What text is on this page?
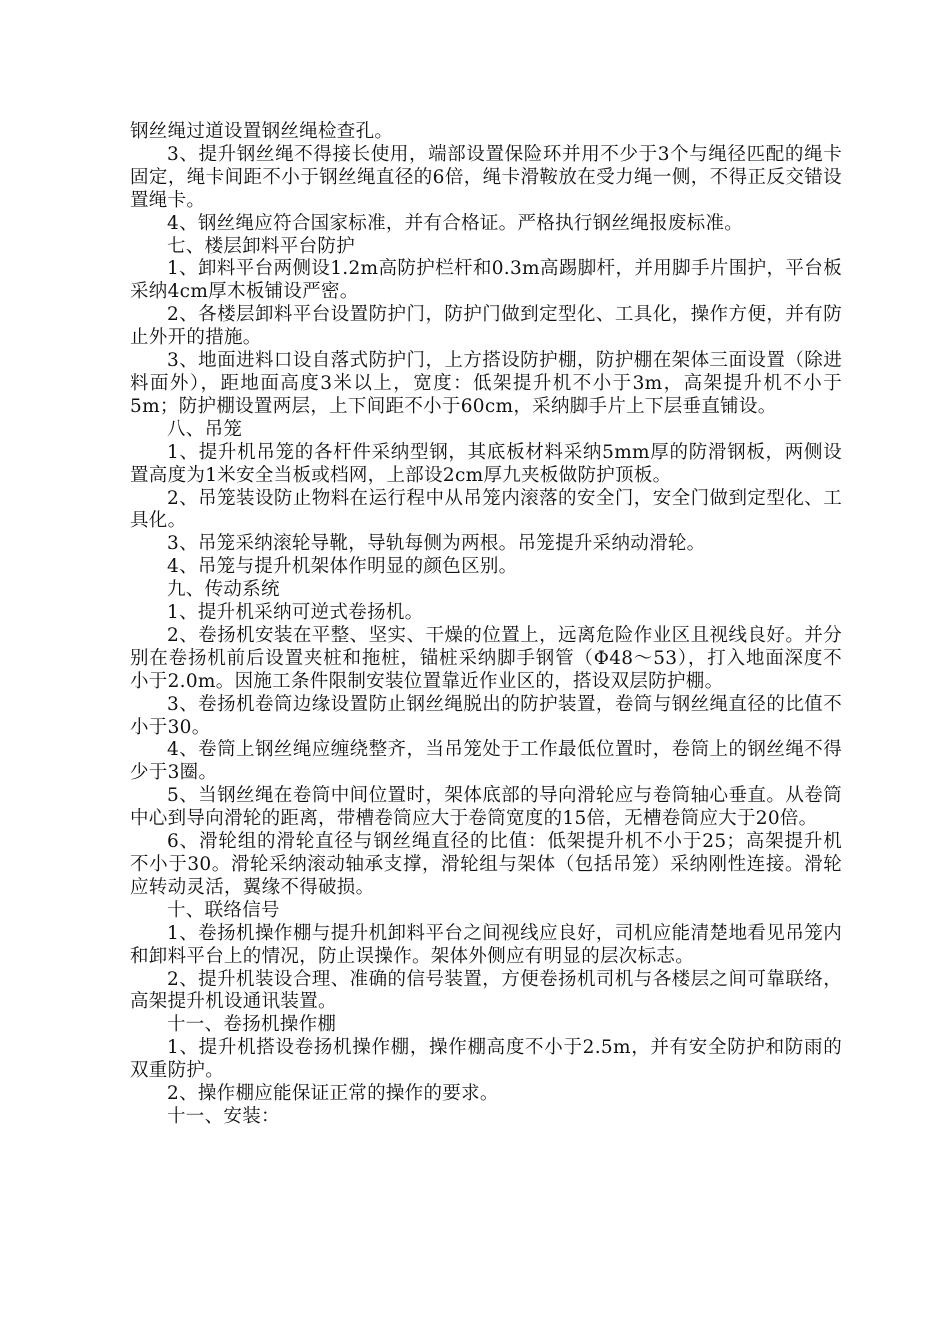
钢丝绳过道设置钢丝绳检查孔。

3、提升钢丝绳不得接长使用，端部设置保险环并用不少于3个与绳径匹配的绳卡固定，绳卡间距不小于钢丝绳直径的6倍，绳卡滑鞍放在受力绳一侧，不得正反交错设置绳卡。

4、钢丝绳应符合国家标准，并有合格证。严格执行钢丝绳报废标准。

七、楼层卸料平台防护

1、卸料平台两侧设1.2m高防护栏杆和0.3m高踢脚杆，并用脚手片围护，平台板采纳4cm厚木板铺设严密。

2、各楼层卸料平台设置防护门，防护门做到定型化、工具化，操作方便，并有防止外开的措施。

3、地面进料口设自落式防护门，上方搭设防护棚，防护棚在架体三面设置（除进料面外），距地面高度3米以上，宽度：低架提升机不小于3m，高架提升机不小于5m；防护棚设置两层，上下间距不小于60cm，采纳脚手片上下层垂直铺设。

八、吊笼

1、提升机吊笼的各杆件采纳型钢，其底板材料采纳5mm厚的防滑钢板，两侧设置高度为1米安全当板或档网，上部设2cm厚九夹板做防护顶板。

2、吊笼装设防止物料在运行程中从吊笼内滚落的安全门，安全门做到定型化、工具化。

3、吊笼采纳滚轮导靴，导轨每侧为两根。吊笼提升采纳动滑轮。

4、吊笼与提升机架体作明显的颜色区别。

九、传动系统

1、提升机采纳可逆式卷扬机。

2、卷扬机安装在平整、坚实、干燥的位置上，远离危险作业区且视线良好。并分别在卷扬机前后设置夹桩和拖桩，锚桩采纳脚手钢管（Φ48～53），打入地面深度不小于2.0m。因施工条件限制安装位置靠近作业区的，搭设双层防护棚。

3、卷扬机卷筒边缘设置防止钢丝绳脱出的防护装置，卷筒与钢丝绳直径的比值不小于30。

4、卷筒上钢丝绳应缠绕整齐，当吊笼处于工作最低位置时，卷筒上的钢丝绳不得少于3圈。

5、当钢丝绳在卷筒中间位置时，架体底部的导向滑轮应与卷筒轴心垂直。从卷筒中心到导向滑轮的距离，带槽卷筒应大于卷筒宽度的15倍，无槽卷筒应大于20倍。

6、滑轮组的滑轮直径与钢丝绳直径的比值：低架提升机不小于25；高架提升机不小于30。滑轮采纳滚动轴承支撑，滑轮组与架体（包括吊笼）采纳刚性连接。滑轮应转动灵活，翼缘不得破损。

十、联络信号

1、卷扬机操作棚与提升机卸料平台之间视线应良好，司机应能清楚地看见吊笼内和卸料平台上的情况，防止误操作。架体外侧应有明显的层次标志。

2、提升机装设合理、准确的信号装置，方便卷扬机司机与各楼层之间可靠联络，高架提升机设通讯装置。

十一、卷扬机操作棚

1、提升机搭设卷扬机操作棚，操作棚高度不小于2.5m，并有安全防护和防雨的双重防护。

2、操作棚应能保证正常的操作的要求。

十一、安装：
